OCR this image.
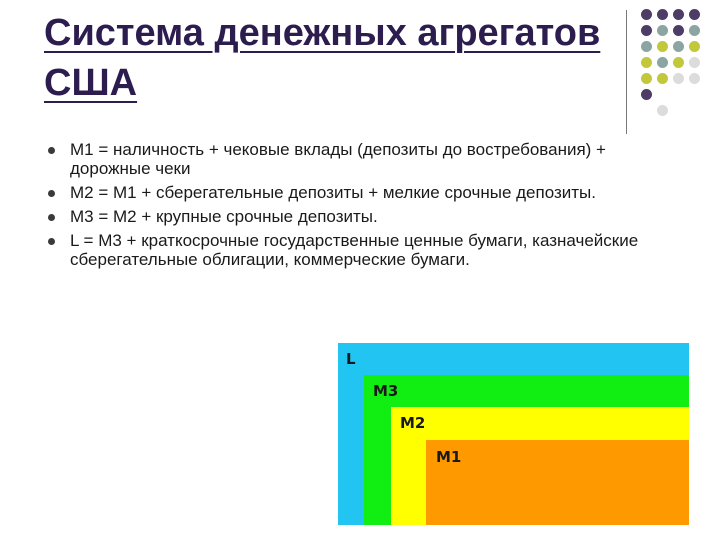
Система денежных агрегатов США
M1 = наличность + чековые вклады (депозиты до востребования) + дорожные чеки
M2 = M1 + сберегательные депозиты + мелкие срочные депозиты.
M3 = M2 + крупные срочные депозиты.
L = M3 + краткосрочные государственные ценные бумаги, казначейские сберегательные облигации, коммерческие бумаги.
L
M3
M2
M1
